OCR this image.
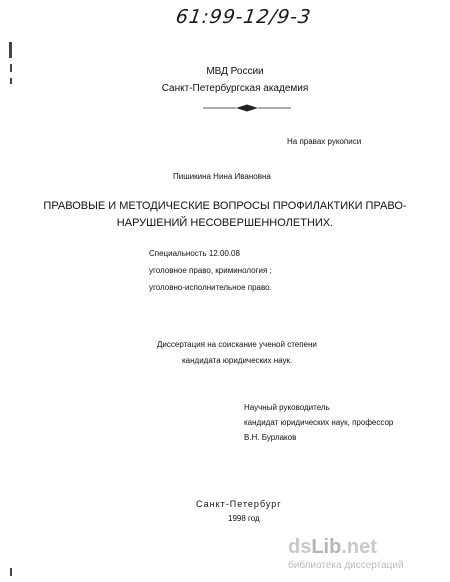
61:99-12/9-3
МВД России
Санкт-Петербургская академия
На правах рукописи
Пишикина Нина Ивановна
ПРАВОВЫЕ И МЕТОДИЧЕСКИЕ ВОПРОСЫ ПРОФИЛАКТИКИ ПРАВО-
НАРУШЕНИЙ НЕСОВЕРШЕННОЛЕТНИХ.
Специальность 12.00.08
уголовное право, криминология ;
уголовно-исполнительное право.
Диссертация на соискание ученой степени
кандидата юридических наук.
Научный руководитель
кандидат юридических наук, профессор
В.Н. Бурлаков
Санкт-Петербург
1998 год
dsLib.net
библиотека диссертаций
